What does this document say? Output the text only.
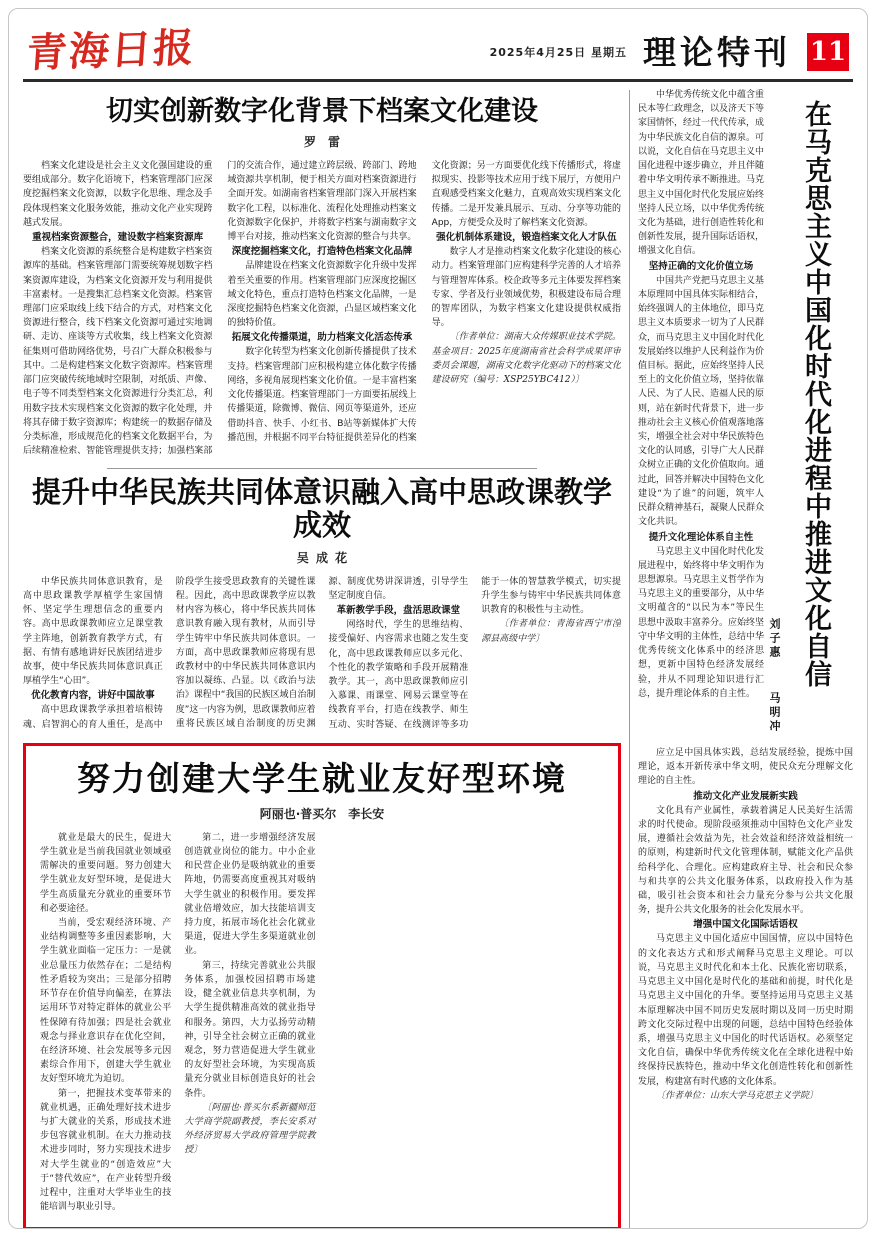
青海日报	2025年4月25日 星期五 理论特刊 11
切实创新数字化背景下档案文化建设
罗雷

档案文化建设是社会主义文化强国建设的重要组成部分。数字化语境下，档案管理部门应深度挖掘档案文化资源，以数字化思维、理念及手段体现档案文化服务效能，推动文化产业实现跨越式发展。

重视档案资源整合，建设数字档案资源库

档案文化资源的系统整合是构建数字档案资源库的基础。档案管理部门需要统筹规划数字档案资源库建设，为档案文化资源开发与利用提供丰富素材。一是搜集汇总档案文化资源。档案管理部门应采取线上线下结合的方式，对档案文化资源进行整合，线下档案文化资源可通过实地调研、走访、座谈等方式收集，线上档案文化资源征集则可借助网络优势，号召广大群众积极参与其中。二是构建档案文化数字资源库。档案管理部门应突破传统地域时空限制，对纸质、声像、电子等不同类型档案文化资源进行分类汇总，利用数字技术实现档案文化资源的数字化处理，并将其存储于数字资源库；构建统一的数据存储及分类标准，形成规范化的档案文化数据平台，为后续精准检索、智能管理提供支持；加强档案部门的交流合作，通过建立跨层级、跨部门、跨地域资源共享机制，便于相关方面对档案资源进行全面开发。如湖南省档案管理部门深入开展档案数字化工程，以标准化、流程化处理推动档案文化资源数字化保护，并将数字档案与湖南数字文博平台对接，推动档案文化资源的整合与共享。

深度挖掘档案文化，打造特色档案文化品牌

品牌建设在档案文化资源数字化升级中发挥着至关重要的作用。档案管理部门应深度挖掘区域文化特色，重点打造特色档案文化品牌，一是深度挖掘特色档案文化资源，凸显区域档案文化的独特价值。

拓展文化传播渠道，助力档案文化活态传承

数字化转型为档案文化创新传播提供了技术支持。档案管理部门应积极构建立体化数字传播网络，多视角展现档案文化价值。一是丰富档案文化传播渠道。档案管理部门一方面要拓展线上传播渠道，除微博、微信、网页等渠道外，还应借助抖音、快手、小红书、B站等新媒体扩大传播范围，并根据不同平台特征提供差异化的档案文化资源；另一方面要优化线下传播形式，将虚拟现实、投影等技术应用于线下展厅，方便用户直观感受档案文化魅力，直观高效实现档案文化传播。二是开发兼具展示、互动、分享等功能的App，方便受众及时了解档案文化资源。

强化机制体系建设，锻造档案文化人才队伍

数字人才是推动档案文化数字化建设的核心动力。档案管理部门应构建科学完善的人才培养与管理智库体系。校企政等多元主体要发挥档案专家、学者及行业领域优势，积极建设布局合理的智库团队，为数字档案文化建设提供权威指导。

〔作者单位：湖南大众传媒职业技术学院。基金项目：2025年度湖南省社会科学成果评审委员会课题，湖南文化数字化驱动下的档案文化建设研究（编号：XSP25YBC412）〕

提升中华民族共同体意识融入高中思政课教学成效
吴成花

中华民族共同体意识教育，是高中思政课教学厚植学生家国情怀、坚定学生理想信念的重要内容。高中思政课教师应立足课堂教学主阵地，创新教育教学方式，有据、有情有感地讲好民族团结进步故事，使中华民族共同体意识真正厚植学生“心田”。

优化教育内容，讲好中国故事

高中思政课教学承担着培根铸魂、启智润心的育人重任，是高中阶段学生接受思政教育的关键性课程。因此，高中思政课教学应以教材内容为核心，将中华民族共同体意识教育融入现有教材，从而引导学生铸牢中华民族共同体意识。一方面，高中思政课教师应将现有思政教材中的中华民族共同体意识内容加以凝练、凸显。以《政治与法治》课程中“我国的民族区域自治制度”这一内容为例，思政课教师应着重将民族区域自治制度的历史渊源、制度优势讲深讲透，引导学生坚定制度自信。

革新教学手段，盘活思政课堂

网络时代，学生的思维结构、接受偏好、内容需求也随之发生变化，高中思政课教师应以多元化、个性化的教学策略和手段开展精准教学。其一，高中思政课教师应引入慕课、雨课堂、网易云课堂等在线教育平台，打造在线教学、师生互动、实时答疑、在线测评等多功能于一体的智慧教学模式，切实提升学生参与铸牢中华民族共同体意识教育的积极性与主动性。

〔作者单位：青海省西宁市湟源县高级中学〕

努力创建大学生就业友好型环境
阿丽也·普买尔　李长安

就业是最大的民生，促进大学生就业是当前我国就业领域亟需解决的重要问题。努力创建大学生就业友好型环境，是促进大学生高质量充分就业的重要环节和必要途径。

当前，受宏观经济环境、产业结构调整等多重因素影响，大学生就业面临一定压力：一是就业总量压力依然存在；二是结构性矛盾较为突出；三是部分招聘环节存在价值导向偏差，在算法运用环节对特定群体的就业公平性保障有待加强；四是社会就业观念与择业意识存在优化空间，在经济环境、社会发展等多元因素综合作用下，创建大学生就业友好型环境尤为迫切。

第一，把握技术变革带来的就业机遇，正确处理好技术进步与扩大就业的关系，形成技术进步包容就业机制。在大力推动技术进步同时，努力实现技术进步对大学生就业的“创造效应”大于“替代效应”，在产业转型升级过程中，注重对大学毕业生的技能培训与职业引导。

第二，进一步增强经济发展创造就业岗位的能力。中小企业和民营企业仍是吸纳就业的重要阵地，仍需要高度重视其对吸纳大学生就业的积极作用。要发挥就业倍增效应，加大技能培训支持力度，拓展市场化社会化就业渠道，促进大学生多渠道就业创业。

第三，持续完善就业公共服务体系，加强校园招聘市场建设，健全就业信息共享机制，为大学生提供精准高效的就业指导和服务。第四，大力弘扬劳动精神，引导全社会树立正确的就业观念，努力营造促进大学生就业的友好型社会环境，为实现高质量充分就业目标创造良好的社会条件。

〔阿丽也·普买尔系新疆师范大学商学院副教授，李长安系对外经济贸易大学政府管理学院教授〕

中华优秀传统文化中蕴含重民本等仁政理念，以及济天下等家国情怀，经过一代代传承，成为中华民族文化自信的源泉。可以说，文化自信在马克思主义中国化进程中逐步确立，并且伴随着中华文明传承不断推进。马克思主义中国化时代化发展应始终坚持人民立场，以中华优秀传统文化为基础，进行创造性转化和创新性发展，提升国际话语权，增强文化自信。

坚持正确的文化价值立场

中国共产党把马克思主义基本原理同中国具体实际相结合，始终强调人的主体地位，即马克思主义本质要求一切为了人民群众，而马克思主义中国化时代化发展始终以维护人民利益作为价值目标。据此，应始终坚持人民至上的文化价值立场，坚持依靠人民、为了人民、造福人民的原则，站在新时代背景下，进一步推动社会主义核心价值观落地落实，增强全社会对中华民族特色文化的认同感，引导广大人民群众树立正确的文化价值取向。通过此，回答并解决中国特色文化建设“为了谁”的问题，筑牢人民群众精神基石，凝聚人民群众文化共识。

提升文化理论体系自主性

马克思主义中国化时代化发展进程中，始终将中华文明作为思想源泉。马克思主义哲学作为马克思主义的重要部分，从中华文明蕴含的“以民为本”等民生思想中汲取丰富养分。应始终坚守中华文明的主体性，总结中华优秀传统文化体系中的经济思想，更新中国特色经济发展经验，并从不同理论知识进行汇总，提升理论体系的自主性。

在马克思主义中国化时代化进程中推进文化自信
刘子惠  马明冲

应立足中国具体实践，总结发展经验，提炼中国理论，返本开新传承中华文明，使民众充分理解文化理论的自主性。

推动文化产业发展新实践

文化具有产业属性，承载着满足人民美好生活需求的时代使命。现阶段亟须推动中国特色文化产业发展，遵循社会效益为先，社会效益和经济效益相统一的原则，构建新时代文化管理体制，赋能文化产品供给科学化、合理化。应构建政府主导、社会和民众参与和共享的公共文化服务体系，以政府投入作为基础，吸引社会资本和社会力量充分参与公共文化服务，提升公共文化服务的社会化发展水平。

增强中国文化国际话语权

马克思主义中国化适应中国国情，应以中国特色的文化表达方式和形式阐释马克思主义理论。可以说，马克思主义时代化和本土化、民族化密切联系，马克思主义中国化是时代化的基础和前提，时代化是马克思主义中国化的升华。要坚持运用马克思主义基本原理解决中国不同历史发展时期以及同一历史时期跨文化交际过程中出现的问题，总结中国特色经验体系，增强马克思主义中国化的时代话语权。必须坚定文化自信，确保中华优秀传统文化在全球化进程中始终保持民族特色，推动中华文化创造性转化和创新性发展，构建富有时代感的文化体系。

〔作者单位：山东大学马克思主义学院〕
